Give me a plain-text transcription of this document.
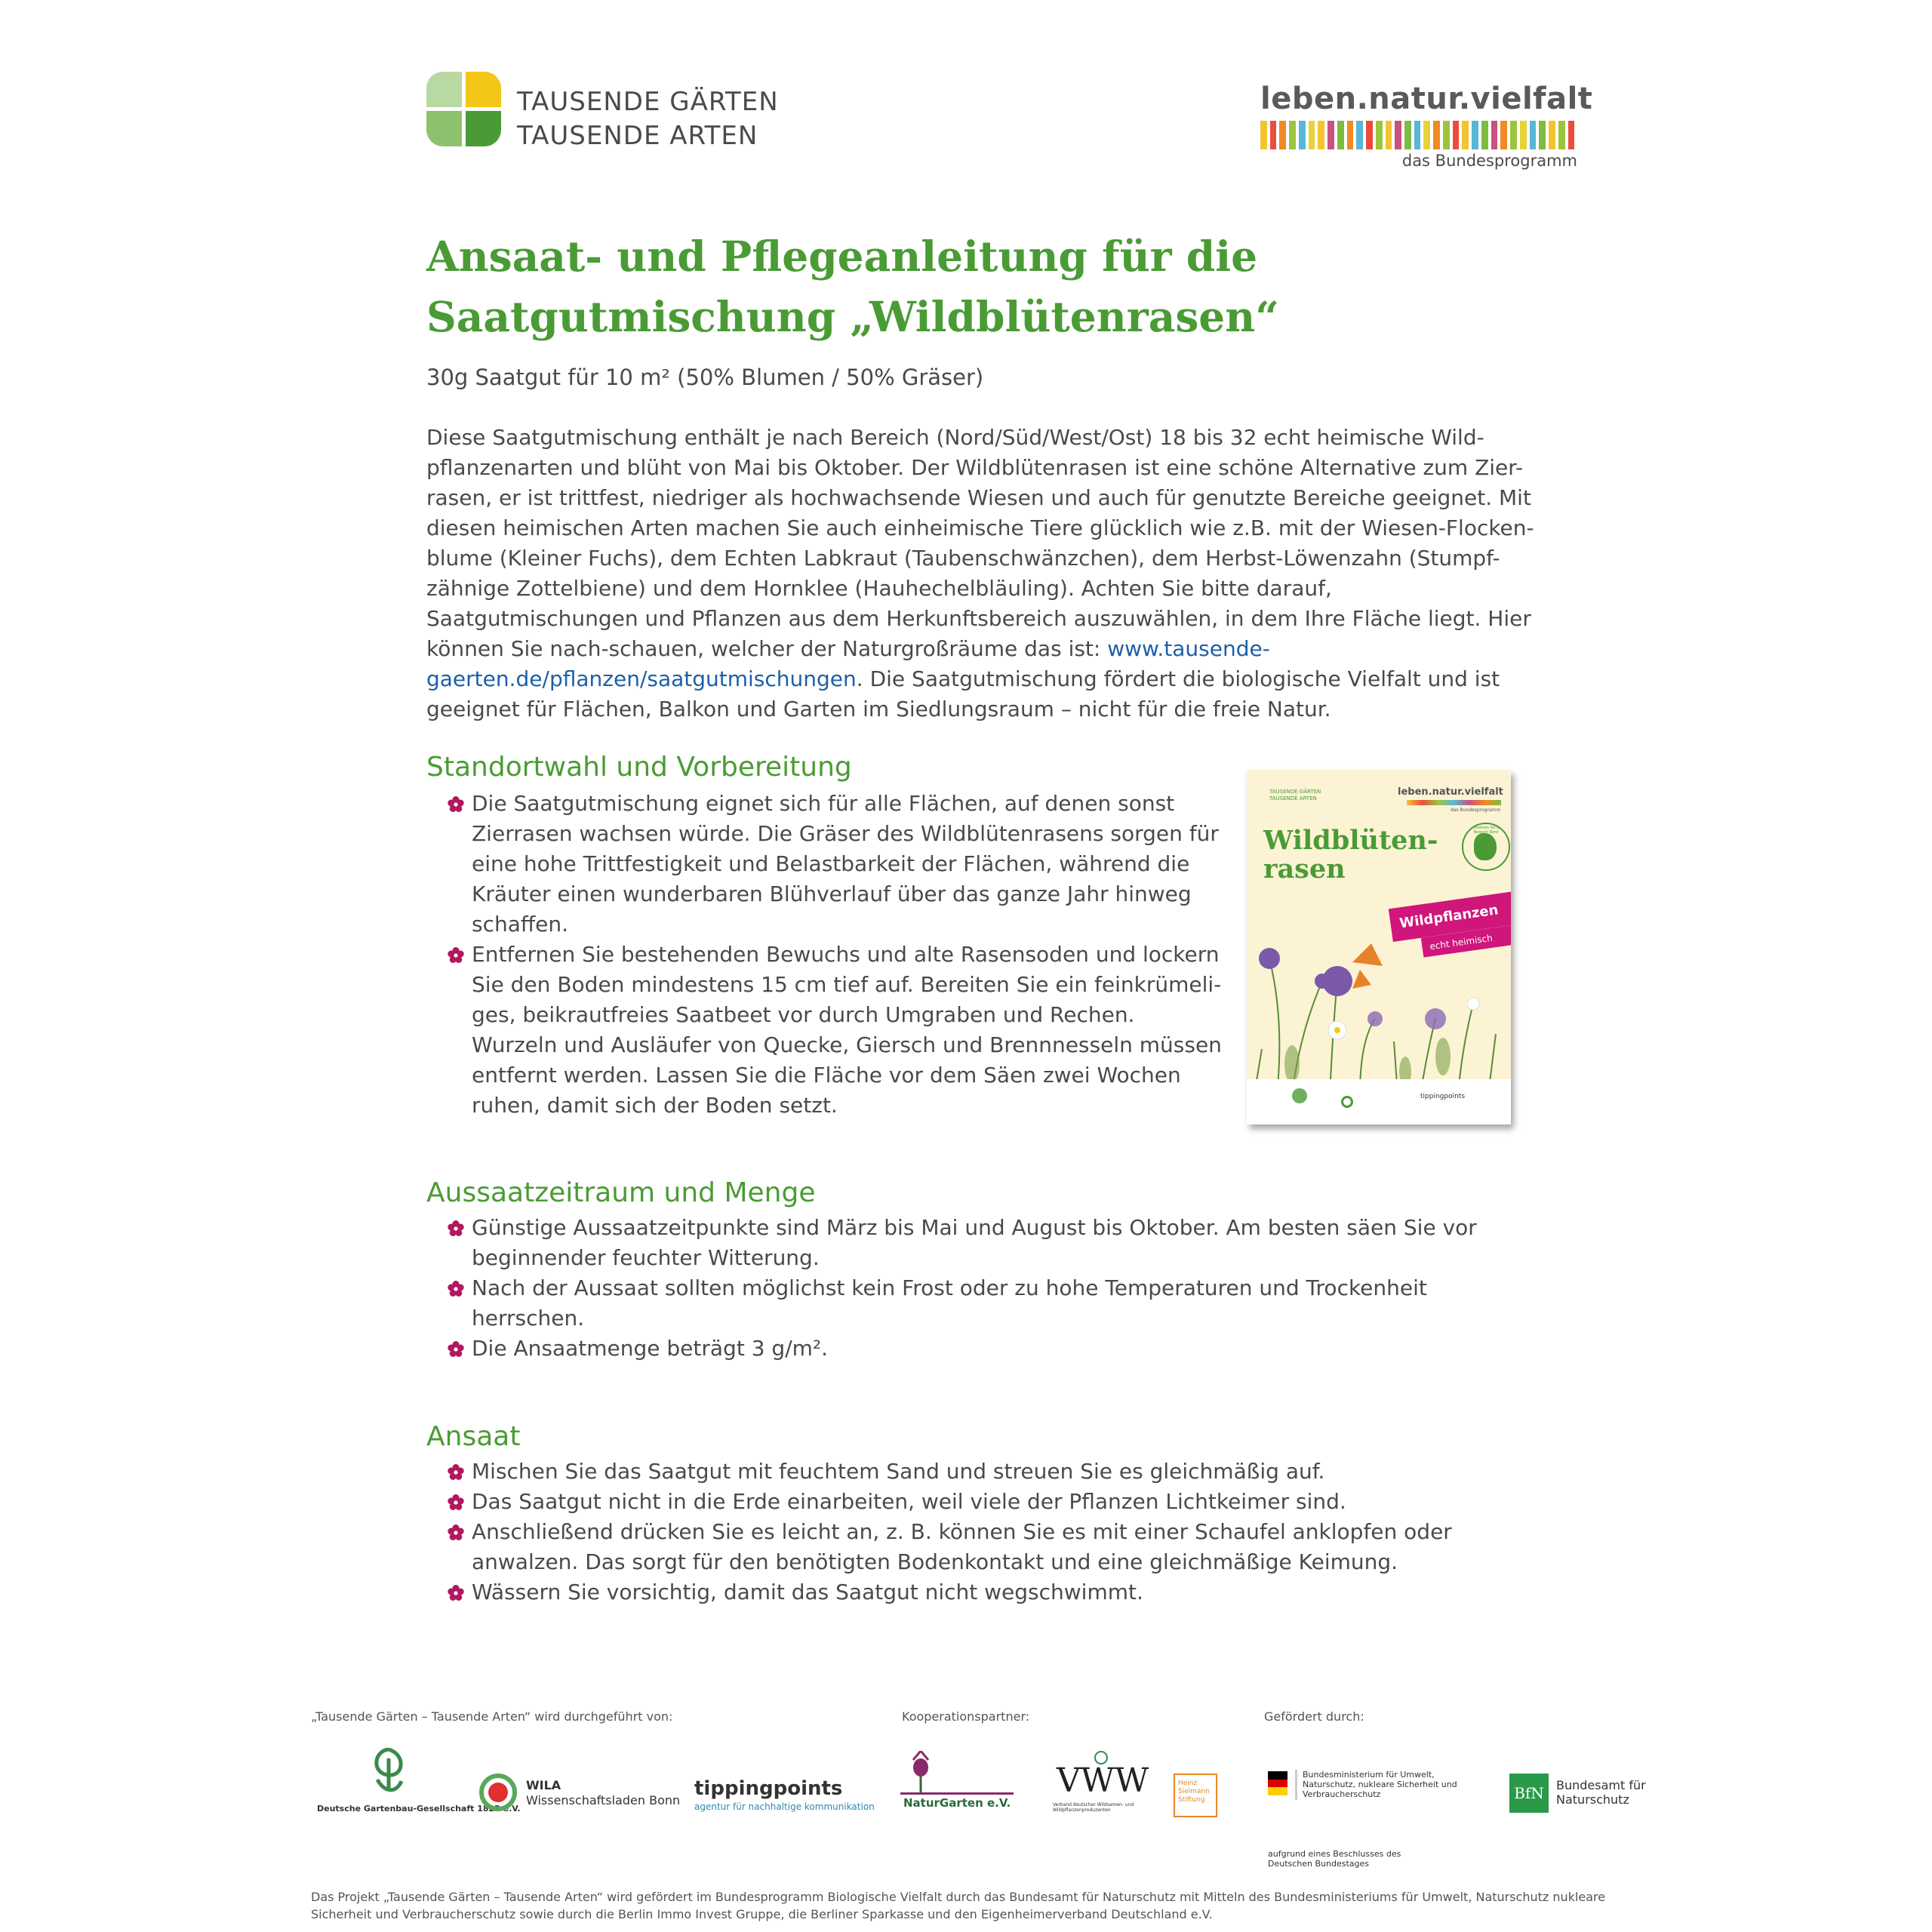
TAUSENDE GÄRTEN
TAUSENDE ARTEN
leben.natur.vielfalt
das Bundesprogramm
Ansaat- und Pflegeanleitung für die
Saatgutmischung „Wildblütenrasen“
30g Saatgut für 10 m² (50% Blumen / 50% Gräser)
Diese Saatgutmischung enthält je nach Bereich (Nord/Süd/West/Ost) 18 bis 32 echt heimische Wild-pflanzenarten und blüht von Mai bis Oktober. Der Wildblütenrasen ist eine schöne Alternative zum Zier-rasen, er ist trittfest, niedriger als hochwachsende Wiesen und auch für genutzte Bereiche geeignet. Mit diesen heimischen Arten machen Sie auch einheimische Tiere glücklich wie z.B. mit der Wiesen-Flocken-blume (Kleiner Fuchs), dem Echten Labkraut (Taubenschwänzchen), dem Herbst-Löwenzahn (Stumpf-zähnige Zottelbiene) und dem Hornklee (Hauhechelbläuling). Achten Sie bitte darauf, Saatgutmischungen und Pflanzen aus dem Herkunftsbereich auszuwählen, in dem Ihre Fläche liegt. Hier können Sie nach-schauen, welcher der Naturgroßräume das ist: www.tausende-gaerten.de/pflanzen/saatgutmischungen. Die Saatgutmischung fördert die biologische Vielfalt und ist geeignet für Flächen, Balkon und Garten im Siedlungsraum – nicht für die freie Natur.
Standortwahl und Vorbereitung
Die Saatgutmischung eignet sich für alle Flächen, auf denen sonst Zierrasen wachsen würde. Die Gräser des Wildblütenrasens sorgen für eine hohe Trittfestigkeit und Belastbarkeit der Flächen, während die Kräuter einen wunderbaren Blühverlauf über das ganze Jahr hinweg schaffen.
Entfernen Sie bestehenden Bewuchs und alte Rasensoden und lockern Sie den Boden mindestens 15 cm tief auf. Bereiten Sie ein feinkrümeli-ges, beikrautfreies Saatbeet vor durch Umgraben und Rechen. Wurzeln und Ausläufer von Quecke, Giersch und Brennnesseln müssen entfernt werden. Lassen Sie die Fläche vor dem Säen zwei Wochen ruhen, damit sich der Boden setzt.
TAUSENDE GÄRTEN TAUSENDE ARTEN
leben.natur.vielfalt
das Bundesprogramm
Wildblüten-
rasen
Wildsamen für den Bereich Nord
Wildpflanzen
echt heimisch
tippingpoints
Aussaatzeitraum und Menge
Günstige Aussaatzeitpunkte sind März bis Mai und August bis Oktober. Am besten säen Sie vor beginnender feuchter Witterung.
Nach der Aussaat sollten möglichst kein Frost oder zu hohe Temperaturen und Trockenheit herrschen.
Die Ansaatmenge beträgt 3 g/m².
Ansaat
Mischen Sie das Saatgut mit feuchtem Sand und streuen Sie es gleichmäßig auf.
Das Saatgut nicht in die Erde einarbeiten, weil viele der Pflanzen Lichtkeimer sind.
Anschließend drücken Sie es leicht an, z. B. können Sie es mit einer Schaufel anklopfen oder anwalzen. Das sorgt für den benötigten Bodenkontakt und eine gleichmäßige Keimung.
Wässern Sie vorsichtig, damit das Saatgut nicht wegschwimmt.
„Tausende Gärten – Tausende Arten“ wird durchgeführt von:	Kooperationspartner:	Gefördert durch:
Deutsche Gartenbau-Gesellschaft 1822 e.V.
WILA
Wissenschaftsladen Bonn
tippingpoints
agentur für nachhaltige kommunikation	NaturGarten e.V.
VWW
Verband deutscher Wildsamen- und Wildpflanzenproduzenten
Heinz Sielmann Stiftung
Bundesministerium für Umwelt, Naturschutz, nukleare Sicherheit und Verbraucherschutz
aufgrund eines Beschlusses des Deutschen Bundestages
BfN	Bundesamt für Naturschutz
Das Projekt „Tausende Gärten – Tausende Arten“ wird gefördert im Bundesprogramm Biologische Vielfalt durch das Bundesamt für Naturschutz mit Mitteln des Bundesministeriums für Umwelt, Naturschutz nukleare Sicherheit und Verbraucherschutz sowie durch die Berlin Immo Invest Gruppe, die Berliner Sparkasse und den Eigenheimerverband Deutschland e.V.
